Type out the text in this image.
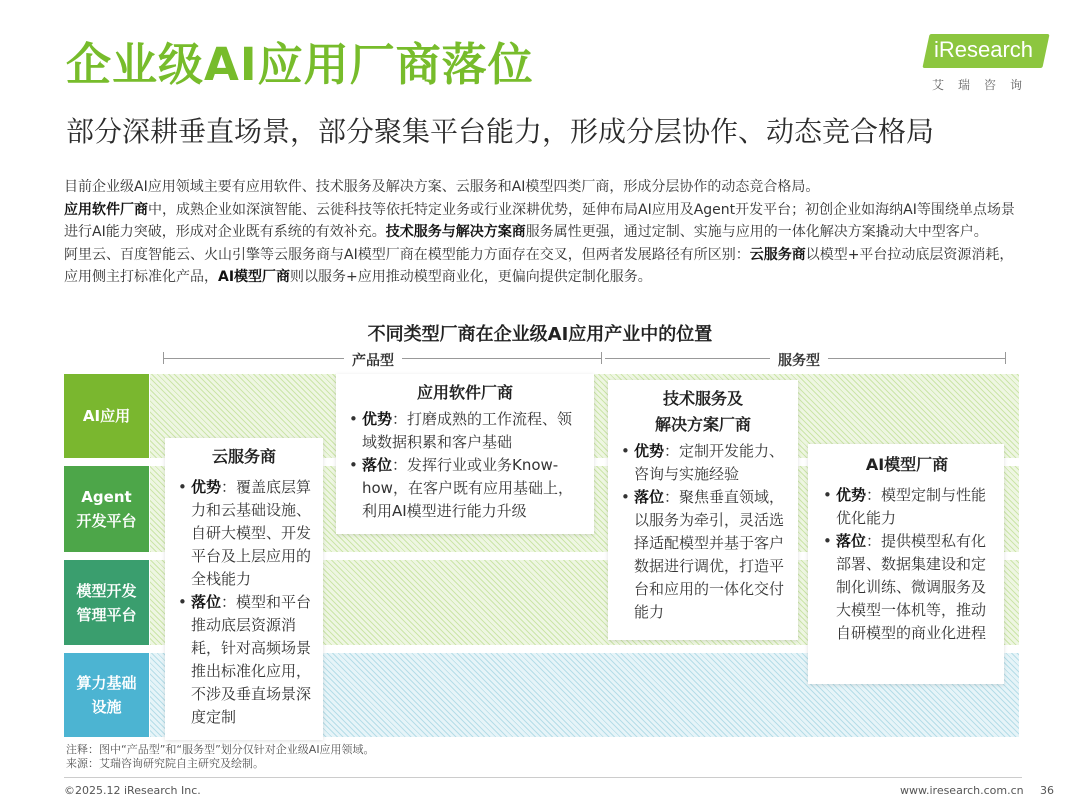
企业级AI应用厂商落位
部分深耕垂直场景，部分聚集平台能力，形成分层协作、动态竞合格局
iResearch
艾瑞咨询

目前企业级AI应用领域主要有应用软件、技术服务及解决方案、云服务和AI模型四类厂商，形成分层协作的动态竞合格局。

应用软件厂商中，成熟企业如深演智能、云徙科技等依托特定业务或行业深耕优势，延伸布局AI应用及Agent开发平台；初创企业如海纳AI等围绕单点场景进行AI能力突破，形成对企业既有系统的有效补充。技术服务与解决方案商服务属性更强，通过定制、实施与应用的一体化解决方案撬动大中型客户。

阿里云、百度智能云、火山引擎等云服务商与AI模型厂商在模型能力方面存在交叉，但两者发展路径有所区别：云服务商以模型+平台拉动底层资源消耗，应用侧主打标准化产品，AI模型厂商则以服务+应用推动模型商业化，更偏向提供定制化服务。

不同类型厂商在企业级AI应用产业中的位置
产品型	服务型
AI应用
Agent
开发平台
模型开发
管理平台
算力基础
设施
云服务商
• 优势：覆盖底层算力和云基础设施、自研大模型、开发平台及上层应用的全栈能力
• 落位：模型和平台推动底层资源消耗，针对高频场景推出标准化应用，不涉及垂直场景深度定制
应用软件厂商
• 优势：打磨成熟的工作流程、领域数据积累和客户基础
• 落位：发挥行业或业务Know-how，在客户既有应用基础上，利用AI模型进行能力升级
技术服务及
解决方案厂商
• 优势：定制开发能力、咨询与实施经验
• 落位：聚焦垂直领域，以服务为牵引，灵活选择适配模型并基于客户数据进行调优，打造平台和应用的一体化交付能力
AI模型厂商
• 优势：模型定制与性能优化能力
• 落位：提供模型私有化部署、数据集建设和定制化训练、微调服务及大模型一体机等，推动自研模型的商业化进程
注释：图中“产品型”和“服务型”划分仅针对企业级AI应用领域。
来源：艾瑞咨询研究院自主研究及绘制。
©2025.12 iResearch Inc.	www.iresearch.com.cn 36
